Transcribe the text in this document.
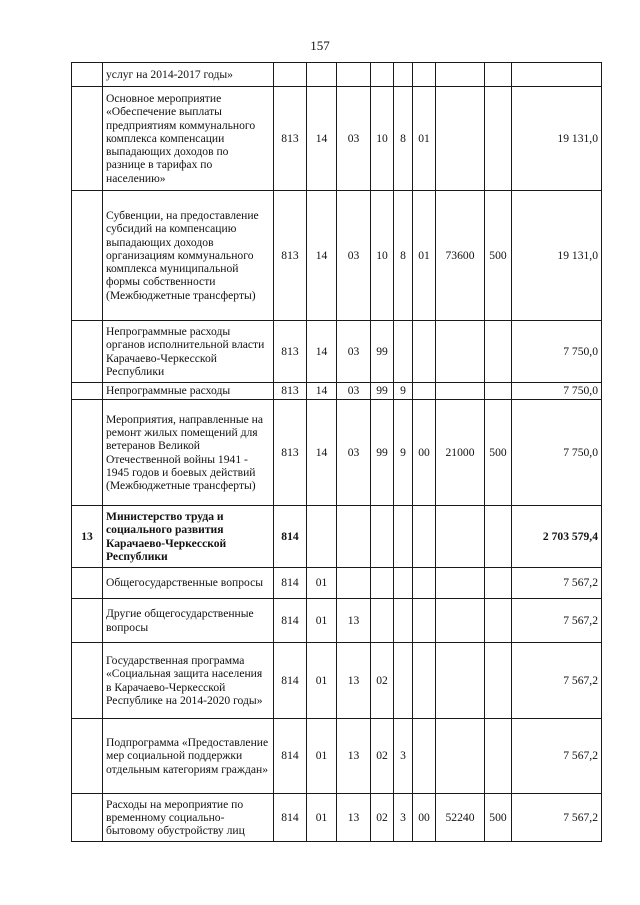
157
	услуг на 2014-2017 годы»									
	Основное мероприятие «Обеспечение выплаты предприятиям коммунального комплекса компенсации выпадающих доходов по разнице в тарифах по населению»	813	14	03	10	8	01			19 131,0
	Субвенции, на предоставление субсидий на компенсацию выпадающих доходов организациям коммунального комплекса муниципальной формы собственности (Межбюджетные трансферты)	813	14	03	10	8	01	73600	500	19 131,0
	Непрограммные расходы органов исполнительной власти Карачаево-Черкесской Республики	813	14	03	99					7 750,0
	Непрограммные расходы	813	14	03	99	9				7 750,0
	Мероприятия, направленные на ремонт жилых помещений для ветеранов Великой Отечественной войны 1941 - 1945 годов и боевых действий (Межбюджетные трансферты)	813	14	03	99	9	00	21000	500	7 750,0
13	Министерство труда и социального развития Карачаево-Черкесской Республики	814								2 703 579,4
	Общегосударственные вопросы	814	01							7 567,2
	Другие общегосударственные вопросы	814	01	13						7 567,2
	Государственная программа «Социальная защита населения в Карачаево-Черкесской Республике на 2014-2020 годы»	814	01	13	02					7 567,2
	Подпрограмма «Предоставление мер социальной поддержки отдельным категориям граждан»	814	01	13	02	3				7 567,2
	Расходы на мероприятие по временному социально-бытовому обустройству лиц	814	01	13	02	3	00	52240	500	7 567,2
